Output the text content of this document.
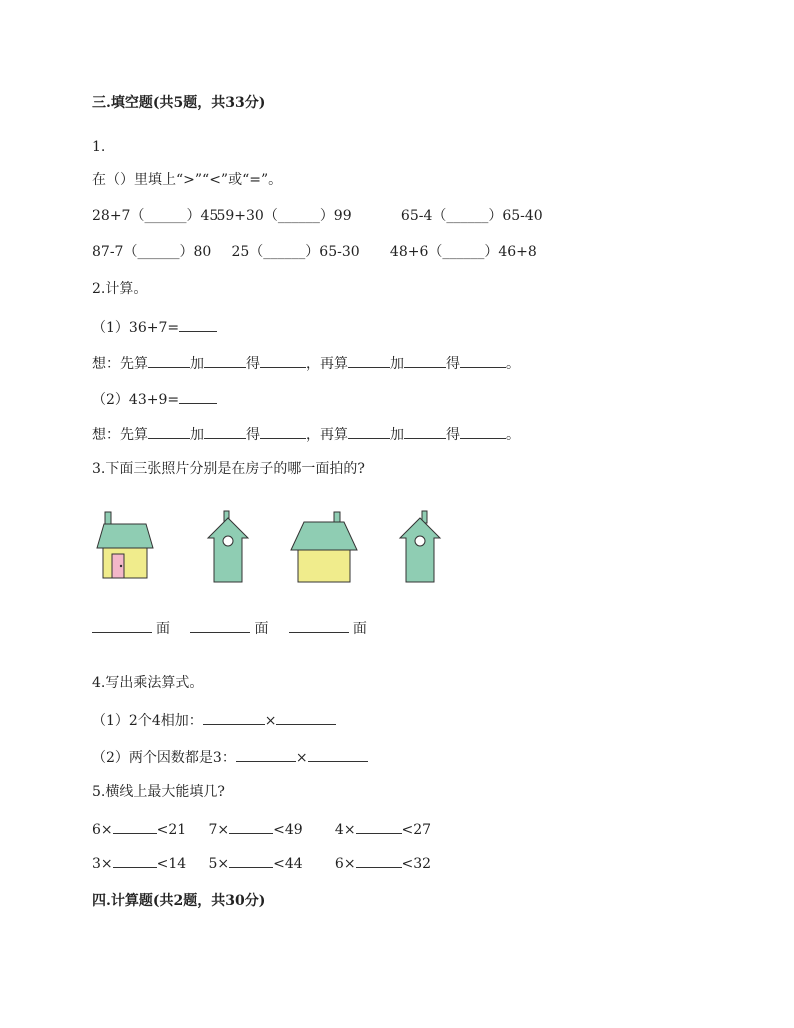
三.填空题(共5题，共33分)
1.
在（）里填上“>”“<”或“=”。
28+7（______）45 59+30（______）99	65-4（______）65-40
87-7（______）80 25（______）65-30 48+6（______）46+8
2.计算。
（1）36+7=
想：先算	加	得	，再算	加	得	。
（2）43+9=
想：先算	加	得	，再算	加	得	。
3.下面三张照片分别是在房子的哪一面拍的?
面	面	面
4.写出乘法算式。
（1）2个4相加：	×
（2）两个因数都是3：	×
5.横线上最大能填几?
6×	<21 7×	<49 4×	<27
3×	<14 5×	<44 6×	<32
四.计算题(共2题，共30分)
